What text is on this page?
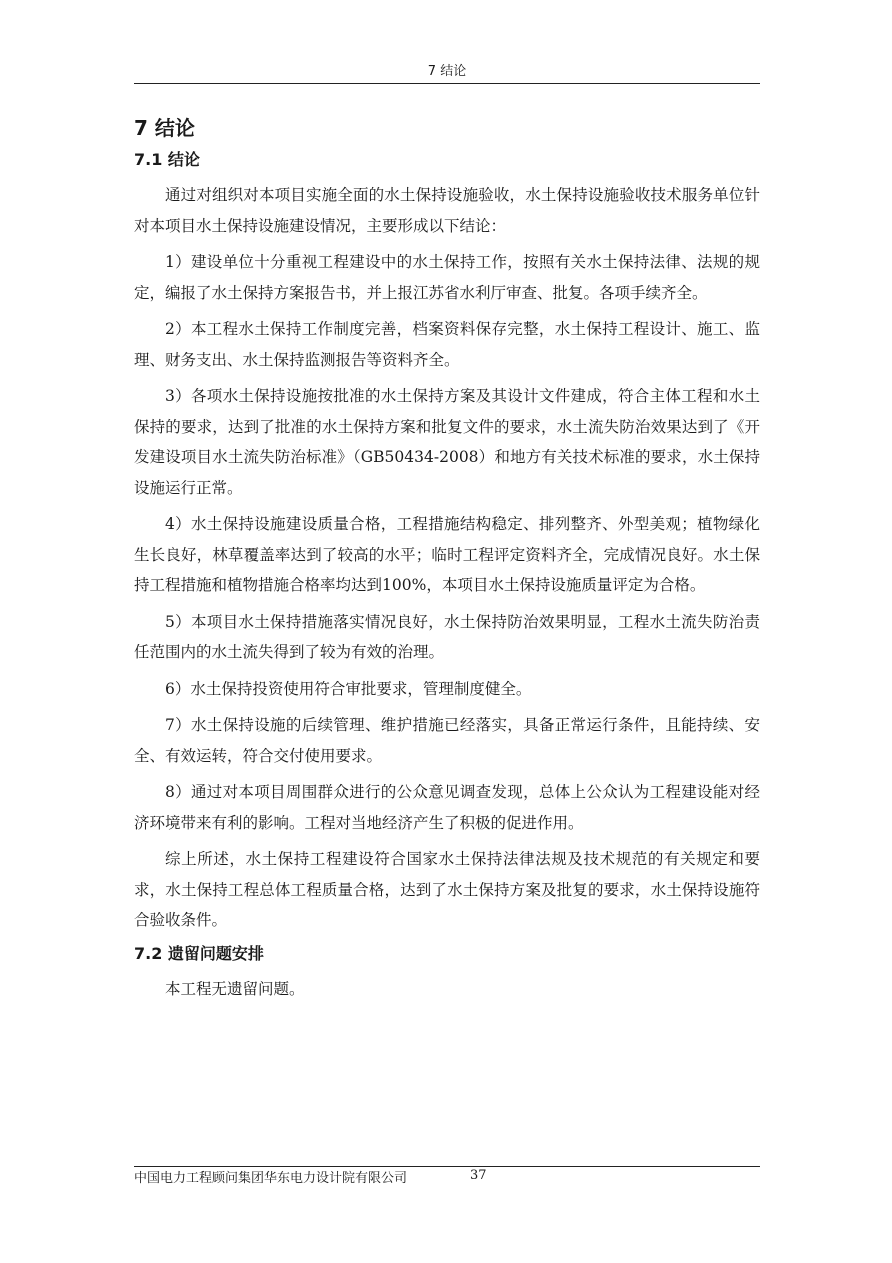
7 结论
7 结论
7.1 结论

通过对组织对本项目实施全面的水土保持设施验收，水土保持设施验收技术服务单位针对本项目水土保持设施建设情况，主要形成以下结论：

1）建设单位十分重视工程建设中的水土保持工作，按照有关水土保持法律、法规的规定，编报了水土保持方案报告书，并上报江苏省水利厅审查、批复。各项手续齐全。

2）本工程水土保持工作制度完善，档案资料保存完整，水土保持工程设计、施工、监理、财务支出、水土保持监测报告等资料齐全。

3）各项水土保持设施按批准的水土保持方案及其设计文件建成，符合主体工程和水土保持的要求，达到了批准的水土保持方案和批复文件的要求，水土流失防治效果达到了《开发建设项目水土流失防治标准》（GB50434-2008）和地方有关技术标准的要求，水土保持设施运行正常。

4）水土保持设施建设质量合格，工程措施结构稳定、排列整齐、外型美观；植物绿化生长良好，林草覆盖率达到了较高的水平；临时工程评定资料齐全，完成情况良好。水土保持工程措施和植物措施合格率均达到100%，本项目水土保持设施质量评定为合格。

5）本项目水土保持措施落实情况良好，水土保持防治效果明显，工程水土流失防治责任范围内的水土流失得到了较为有效的治理。

6）水土保持投资使用符合审批要求，管理制度健全。

7）水土保持设施的后续管理、维护措施已经落实，具备正常运行条件，且能持续、安全、有效运转，符合交付使用要求。

8）通过对本项目周围群众进行的公众意见调查发现，总体上公众认为工程建设能对经济环境带来有利的影响。工程对当地经济产生了积极的促进作用。

综上所述，水土保持工程建设符合国家水土保持法律法规及技术规范的有关规定和要求，水土保持工程总体工程质量合格，达到了水土保持方案及批复的要求，水土保持设施符合验收条件。

7.2 遗留问题安排

本工程无遗留问题。

中国电力工程顾问集团华东电力设计院有限公司	37
